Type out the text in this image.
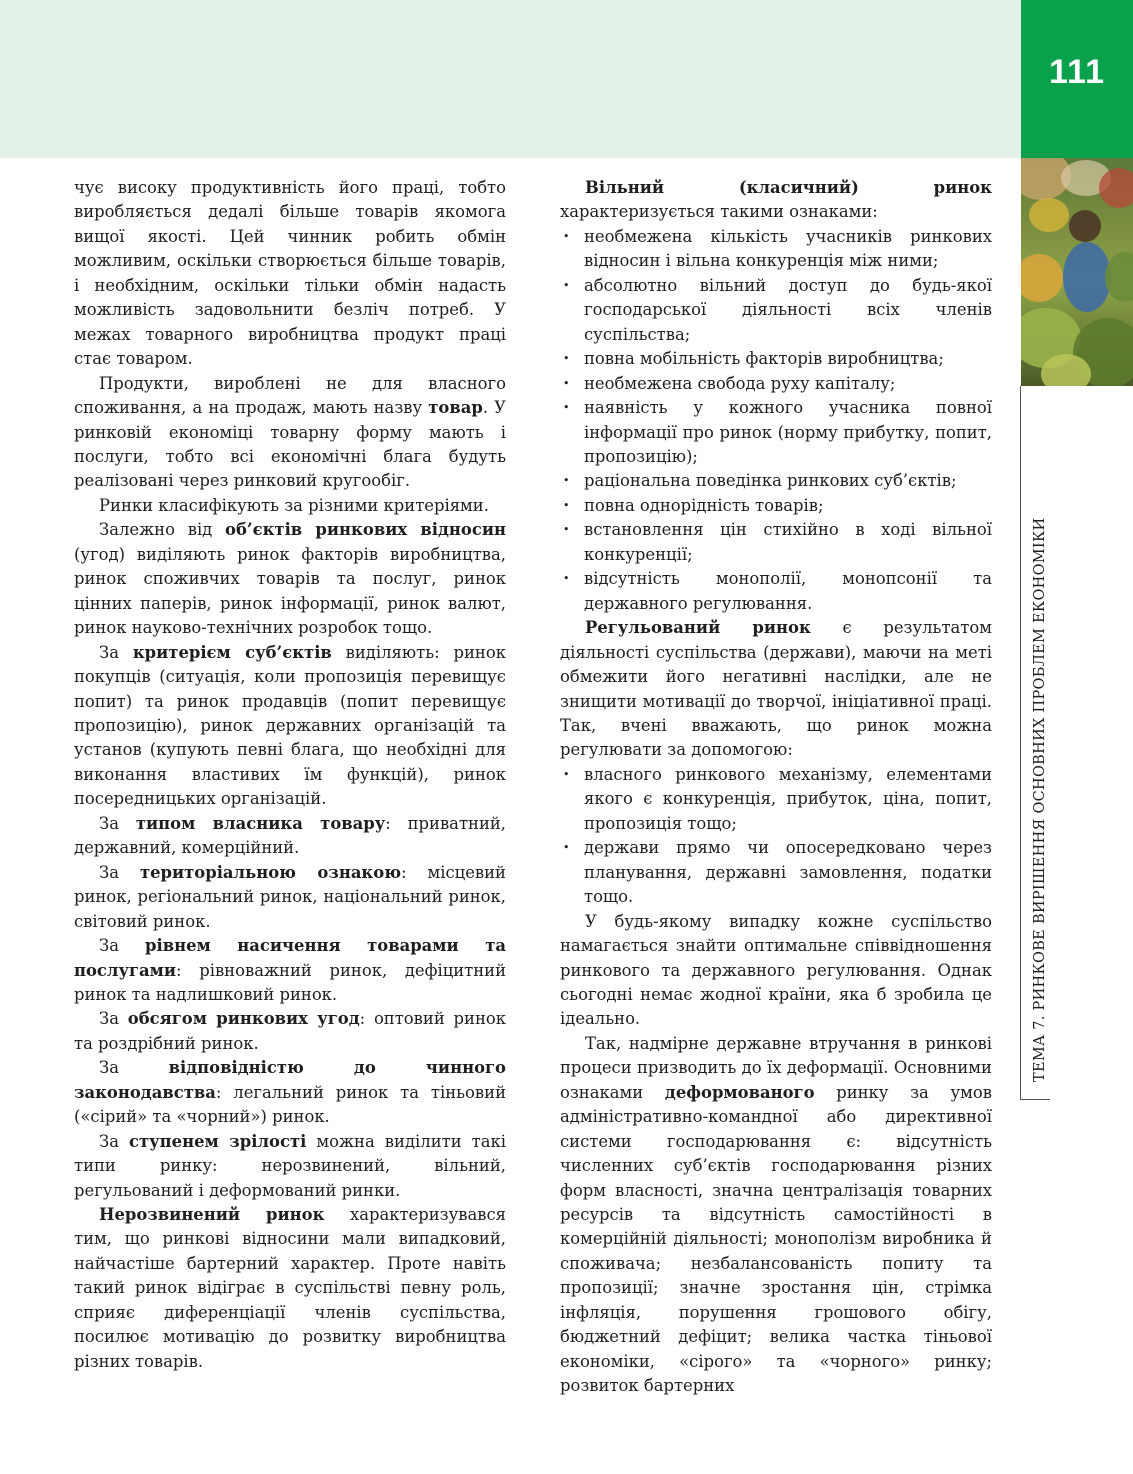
111
ТЕМА 7. РИНКОВЕ ВИРІШЕННЯ ОСНОВНИХ ПРОБЛЕМ ЕКОНОМІКИ

чує високу продуктивність його праці, тобто виробляється дедалі більше товарів якомога вищої якості. Цей чинник робить обмін можливим, оскільки створюється більше товарів, і необхідним, оскільки тільки обмін надасть можливість задовольнити безліч потреб. У межах товарного виробництва продукт праці стає товаром.

Продукти, вироблені не для власного споживання, а на продаж, мають назву товар. У ринковій економіці товарну форму мають і послуги, тобто всі економічні блага будуть реалізовані через ринковий кругообіг.

Ринки класифікують за різними критеріями.

Залежно від об’єктів ринкових відносин (угод) виділяють ринок факторів виробництва, ринок споживчих товарів та послуг, ринок цінних паперів, ринок інформації, ринок валют, ринок науково-технічних розробок тощо.

За критерієм суб’єктів виділяють: ринок покупців (ситуація, коли пропозиція перевищує попит) та ринок продавців (попит перевищує пропозицію), ринок державних організацій та установ (купують певні блага, що необхідні для виконання властивих їм функцій), ринок посередницьких організацій.

За типом власника товару: приватний, державний, комерційний.

За територіальною ознакою: місцевий ринок, регіональний ринок, національний ринок, світовий ринок.

За рівнем насичення товарами та послугами: рівноважний ринок, дефіцитний ринок та надлишковий ринок.

За обсягом ринкових угод: оптовий ринок та роздрібний ринок.

За відповідністю до чинного законодавства: легальний ринок та тіньовий («сірий» та «чорний») ринок.

За ступенем зрілості можна виділити такі типи ринку: нерозвинений, вільний, регульований і деформований ринки.

Нерозвинений ринок характеризувався тим, що ринкові відносини мали випадковий, найчастіше бартерний характер. Проте навіть такий ринок відіграє в суспільстві певну роль, сприяє диференціації членів суспільства, посилює мотивацію до розвитку виробництва різних товарів.

Вільний (класичний) ринок характеризується такими ознаками:

• необмежена кількість учасників ринкових відносин і вільна конкуренція між ними;
• абсолютно вільний доступ до будь-якої господарської діяльності всіх членів суспільства;
• повна мобільність факторів виробництва;
• необмежена свобода руху капіталу;
• наявність у кожного учасника повної інформації про ринок (норму прибутку, попит, пропозицію);
• раціональна поведінка ринкових суб’єктів;
• повна однорідність товарів;
• встановлення цін стихійно в ході вільної конкуренції;
• відсутність монополії, монопсонії та державного регулювання.

Регульований ринок є результатом діяльності суспільства (держави), маючи на меті обмежити його негативні наслідки, але не знищити мотивації до творчої, ініціативної праці. Так, вчені вважають, що ринок можна регулювати за допомогою:

• власного ринкового механізму, елементами якого є конкуренція, прибуток, ціна, попит, пропозиція тощо;
• держави прямо чи опосередковано через планування, державні замовлення, податки тощо.

У будь-якому випадку кожне суспільство намагається знайти оптимальне співвідношення ринкового та державного регулювання. Однак сьогодні немає жодної країни, яка б зробила це ідеально.

Так, надмірне державне втручання в ринкові процеси призводить до їх деформації. Основними ознаками деформованого ринку за умов адміністративно-командної або директивної системи господарювання є: відсутність численних суб’єктів господарювання різних форм власності, значна централізація товарних ресурсів та відсутність самостійності в комерційній діяльності; монополізм виробника й споживача; незбалансованість попиту та пропозиції; значне зростання цін, стрімка інфляція, порушення грошового обігу, бюджетний дефіцит; велика частка тіньової економіки, «сірого» та «чорного» ринку; розвиток бартерних
